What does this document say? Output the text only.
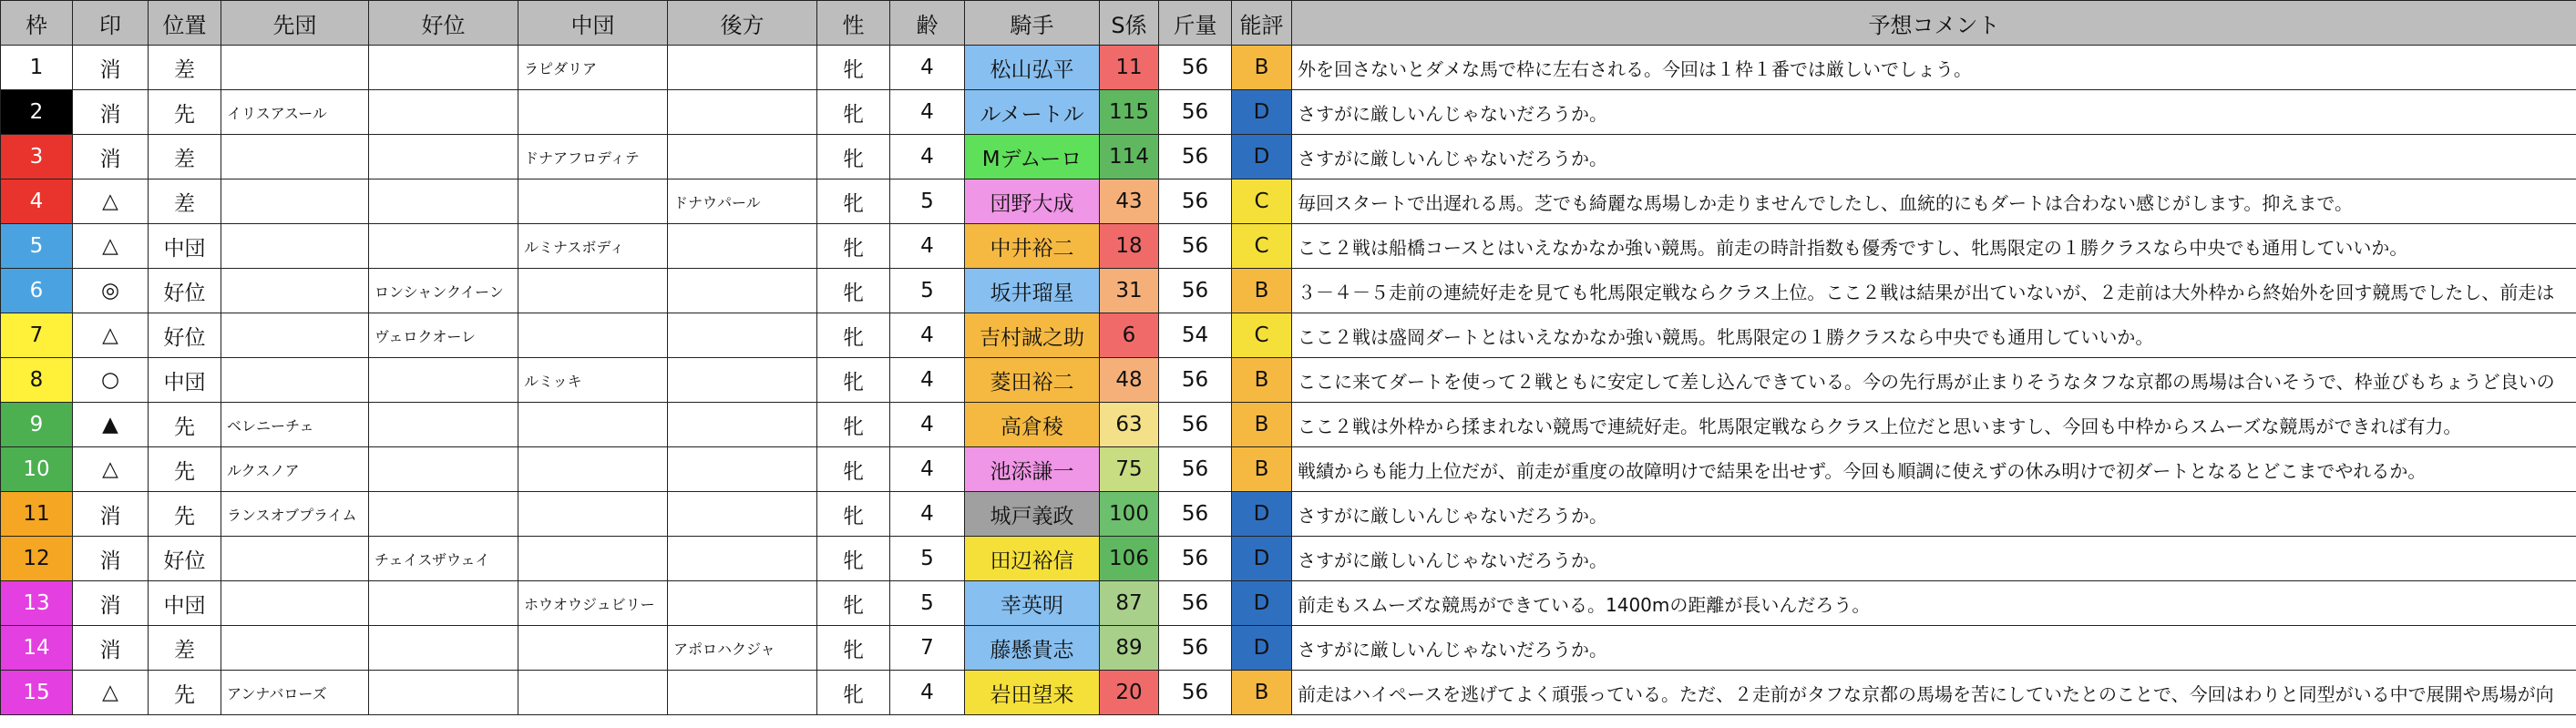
枠	印	位置	先団	好位	中団	後方	性	齢	騎手	S係	斤量	能評	予想コメント
1	消	差			ラピダリア		牝	4	松山弘平	11	56	B	外を回さないとダメな馬で枠に左右される。今回は１枠１番では厳しいでしょう。
2	消	先	イリスアスール				牝	4	ルメートル	115	56	D	さすがに厳しいんじゃないだろうか。
3	消	差			ドナアフロディテ		牝	4	Mデムーロ	114	56	D	さすがに厳しいんじゃないだろうか。
4	△	差				ドナウパール	牝	5	団野大成	43	56	C	毎回スタートで出遅れる馬。芝でも綺麗な馬場しか走りませんでしたし、血統的にもダートは合わない感じがします。抑えまで。
5	△	中団			ルミナスボディ		牝	4	中井裕二	18	56	C	ここ２戦は船橋コースとはいえなかなか強い競馬。前走の時計指数も優秀ですし、牝馬限定の１勝クラスなら中央でも通用していいか。
6	◎	好位		ロンシャンクイーン			牝	5	坂井瑠星	31	56	B	３－４－５走前の連続好走を見ても牝馬限定戦ならクラス上位。ここ２戦は結果が出ていないが、２走前は大外枠から終始外を回す競馬でしたし、前走は
7	△	好位		ヴェロクオーレ			牝	4	吉村誠之助	6	54	C	ここ２戦は盛岡ダートとはいえなかなか強い競馬。牝馬限定の１勝クラスなら中央でも通用していいか。
8	○	中団			ルミッキ		牝	4	菱田裕二	48	56	B	ここに来てダートを使って２戦ともに安定して差し込んできている。今の先行馬が止まりそうなタフな京都の馬場は合いそうで、枠並びもちょうど良いの
9	▲	先	ベレニーチェ				牝	4	高倉稜	63	56	B	ここ２戦は外枠から揉まれない競馬で連続好走。牝馬限定戦ならクラス上位だと思いますし、今回も中枠からスムーズな競馬ができれば有力。
10	△	先	ルクスノア				牝	4	池添謙一	75	56	B	戦績からも能力上位だが、前走が重度の故障明けで結果を出せず。今回も順調に使えずの休み明けで初ダートとなるとどこまでやれるか。
11	消	先	ランスオブプライム				牝	4	城戸義政	100	56	D	さすがに厳しいんじゃないだろうか。
12	消	好位		チェイスザウェイ			牝	5	田辺裕信	106	56	D	さすがに厳しいんじゃないだろうか。
13	消	中団			ホウオウジュビリー		牝	5	幸英明	87	56	D	前走もスムーズな競馬ができている。1400mの距離が長いんだろう。
14	消	差				アポロハクジャ	牝	7	藤懸貴志	89	56	D	さすがに厳しいんじゃないだろうか。
15	△	先	アンナバローズ				牝	4	岩田望来	20	56	B	前走はハイペースを逃げてよく頑張っている。ただ、２走前がタフな京都の馬場を苦にしていたとのことで、今回はわりと同型がいる中で展開や馬場が向
